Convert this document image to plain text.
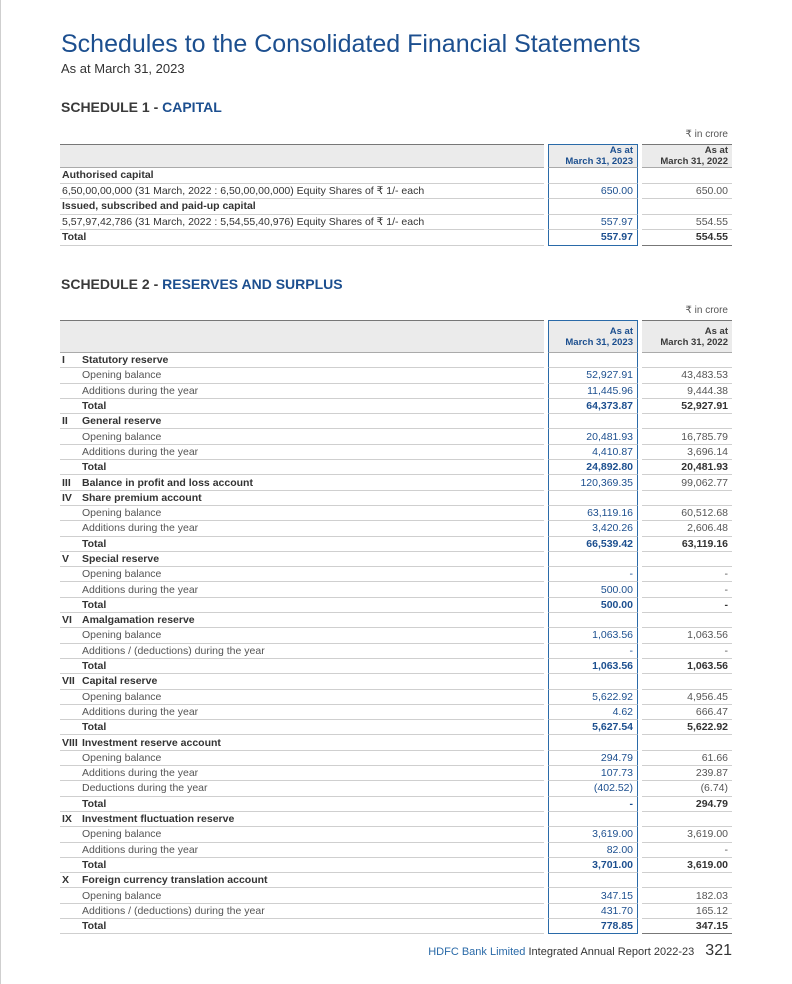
Schedules to the Consolidated Financial Statements
As at March 31, 2023
SCHEDULE 1 - CAPITAL
₹ in crore
		As at
March 31, 2023		As at
March 31, 2022
Authorised capital				
6,50,00,00,000 (31 March, 2022 : 6,50,00,00,000) Equity Shares of ₹ 1/- each		650.00		650.00
Issued, subscribed and paid-up capital				
5,57,97,42,786 (31 March, 2022 : 5,54,55,40,976) Equity Shares of ₹ 1/- each		557.97		554.55
Total		557.97		554.55
SCHEDULE 2 - RESERVES AND SURPLUS
₹ in crore
			As at
March 31, 2023		As at
March 31, 2022
I	Statutory reserve				
	Opening balance		52,927.91		43,483.53
	Additions during the year		11,445.96		9,444.38
	Total		64,373.87		52,927.91
II	General reserve				
	Opening balance		20,481.93		16,785.79
	Additions during the year		4,410.87		3,696.14
	Total		24,892.80		20,481.93
III	Balance in profit and loss account		120,369.35		99,062.77
IV	Share premium account				
	Opening balance		63,119.16		60,512.68
	Additions during the year		3,420.26		2,606.48
	Total		66,539.42		63,119.16
V	Special reserve				
	Opening balance		-		-
	Additions during the year		500.00		-
	Total		500.00		-
VI	Amalgamation reserve				
	Opening balance		1,063.56		1,063.56
	Additions / (deductions) during the year		-		-
	Total		1,063.56		1,063.56
VII	Capital reserve				
	Opening balance		5,622.92		4,956.45
	Additions during the year		4.62		666.47
	Total		5,627.54		5,622.92
VIII	Investment reserve account				
	Opening balance		294.79		61.66
	Additions during the year		107.73		239.87
	Deductions during the year		(402.52)		(6.74)
	Total		-		294.79
IX	Investment fluctuation reserve				
	Opening balance		3,619.00		3,619.00
	Additions during the year		82.00		-
	Total		3,701.00		3,619.00
X	Foreign currency translation account				
	Opening balance		347.15		182.03
	Additions / (deductions) during the year		431.70		165.12
	Total		778.85		347.15
HDFC Bank Limited Integrated Annual Report 2022-23 321
